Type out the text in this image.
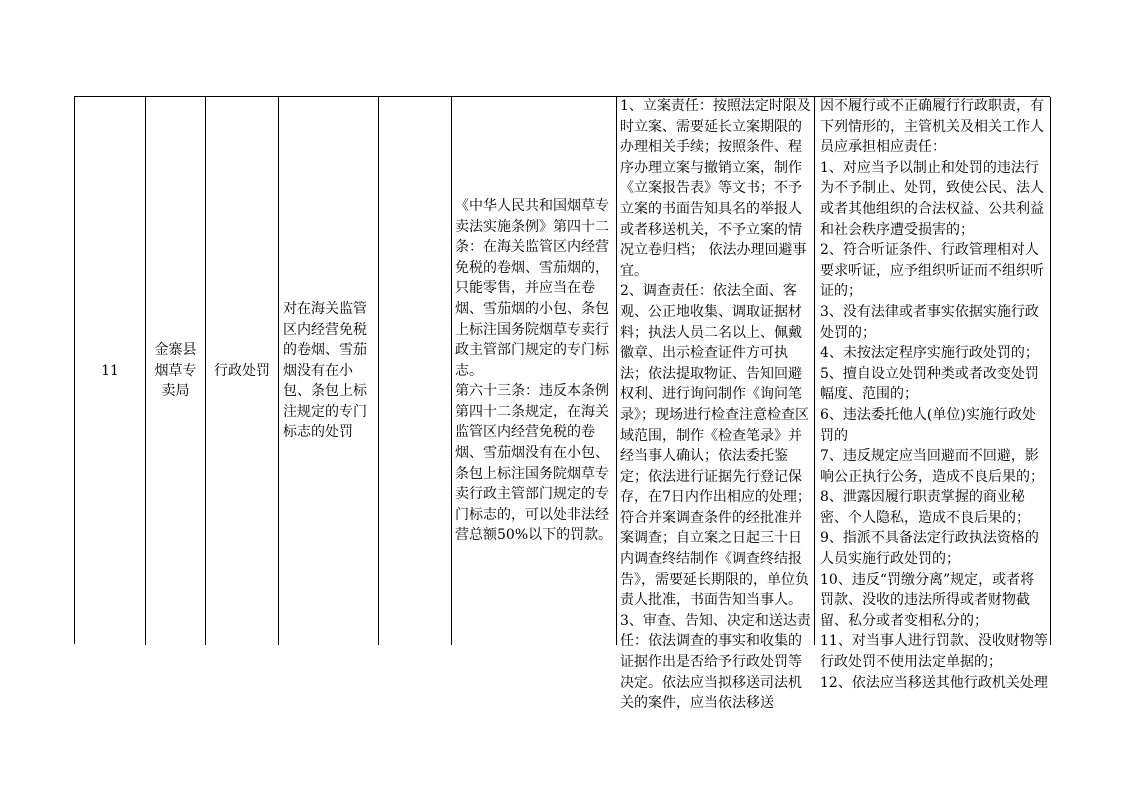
11
金寨县烟草专卖局
行政处罚
对在海关监管区内经营免税的卷烟、雪茄烟没有在小包、条包上标注规定的专门标志的处罚
《中华人民共和国烟草专卖法实施条例》第四十二条：在海关监管区内经营免税的卷烟、雪茄烟的，只能零售，并应当在卷烟、雪茄烟的小包、条包上标注国务院烟草专卖行政主管部门规定的专门标志。
第六十三条：违反本条例第四十二条规定，在海关监管区内经营免税的卷烟、雪茄烟没有在小包、条包上标注国务院烟草专卖行政主管部门规定的专门标志的，可以处非法经营总额50%以下的罚款。
1、立案责任：按照法定时限及时立案、需要延长立案期限的办理相关手续；按照条件、程序办理立案与撤销立案，制作《立案报告表》等文书；不予立案的书面告知具名的举报人或者移送机关，不予立案的情况立卷归档； 依法办理回避事宜。
2、调查责任：依法全面、客观、公正地收集、调取证据材料；执法人员二名以上、佩戴徽章、出示检查证件方可执法；依法提取物证、告知回避权利、进行询问制作《询问笔录》；现场进行检查注意检查区域范围，制作《检查笔录》并经当事人确认；依法委托鉴定；依法进行证据先行登记保存，在7日内作出相应的处理；符合并案调查条件的经批准并案调查；自立案之日起三十日内调查终结制作《调查终结报告》，需要延长期限的，单位负责人批准，书面告知当事人。
3、审查、告知、决定和送达责任：依法调查的事实和收集的证据作出是否给予行政处罚等决定。依法应当拟移送司法机关的案件，应当依法移送
因不履行或不正确履行行政职责，有下列情形的，主管机关及相关工作人员应承担相应责任：
1、对应当予以制止和处罚的违法行为不予制止、处罚，致使公民、法人或者其他组织的合法权益、公共利益和社会秩序遭受损害的；
2、符合听证条件、行政管理相对人要求听证，应予组织听证而不组织听证的；
3、没有法律或者事实依据实施行政处罚的；
4、未按法定程序实施行政处罚的；
5、擅自设立处罚种类或者改变处罚幅度、范围的；
6、违法委托他人(单位)实施行政处罚的
7、违反规定应当回避而不回避，影响公正执行公务，造成不良后果的；
8、泄露因履行职责掌握的商业秘密、个人隐私，造成不良后果的；
9、指派不具备法定行政执法资格的人员实施行政处罚的；
10、违反“罚缴分离”规定，或者将罚款、没收的违法所得或者财物截留、私分或者变相私分的；
11、对当事人进行罚款、没收财物等行政处罚不使用法定单据的；
12、依法应当移送其他行政机关处理
